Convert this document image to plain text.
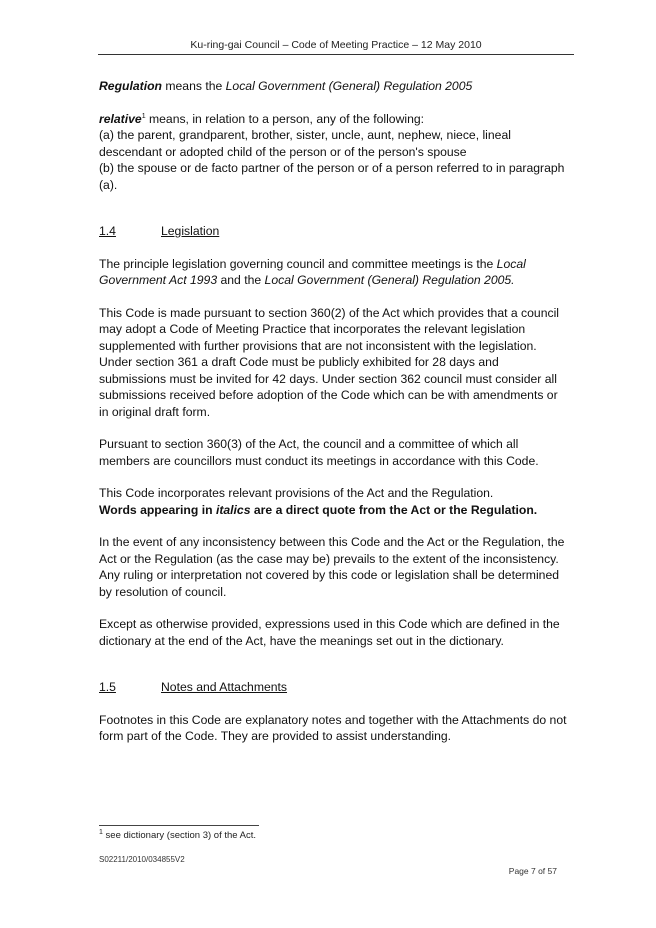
Ku-ring-gai Council – Code of Meeting Practice – 12 May 2010

Regulation means the Local Government (General) Regulation 2005

relative$^1$ means, in relation to a person, any of the following:

(a) the parent, grandparent, brother, sister, uncle, aunt, nephew, niece, lineal descendant or adopted child of the person or of the person's spouse

(b) the spouse or de facto partner of the person or of a person referred to in paragraph (a).

1.4	Legislation

The principle legislation governing council and committee meetings is the Local Government Act 1993 and the Local Government (General) Regulation 2005.

This Code is made pursuant to section 360(2) of the Act which provides that a council may adopt a Code of Meeting Practice that incorporates the relevant legislation supplemented with further provisions that are not inconsistent with the legislation. Under section 361 a draft Code must be publicly exhibited for 28 days and submissions must be invited for 42 days. Under section 362 council must consider all submissions received before adoption of the Code which can be with amendments or in original draft form.

Pursuant to section 360(3) of the Act, the council and a committee of which all members are councillors must conduct its meetings in accordance with this Code.

This Code incorporates relevant provisions of the Act and the Regulation.

Words appearing in italics are a direct quote from the Act or the Regulation.

In the event of any inconsistency between this Code and the Act or the Regulation, the Act or the Regulation (as the case may be) prevails to the extent of the inconsistency. Any ruling or interpretation not covered by this code or legislation shall be determined by resolution of council.

Except as otherwise provided, expressions used in this Code which are defined in the dictionary at the end of the Act, have the meanings set out in the dictionary.

1.5	Notes and Attachments

Footnotes in this Code are explanatory notes and together with the Attachments do not form part of the Code. They are provided to assist understanding.

$^1$ see dictionary (section 3) of the Act.
S02211/2010/034855V2
Page 7 of 57
